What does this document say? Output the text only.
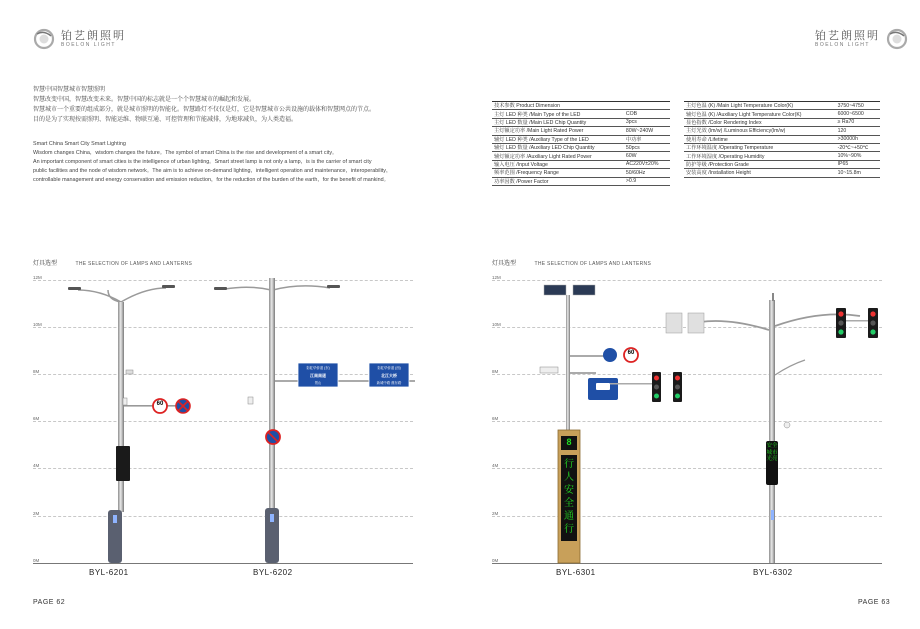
铂艺朗照明
BOELON LIGHT
铂艺朗照明
BOELON LIGHT

智慧中国智慧城市智慧照明

智慧改变中国，智慧改变未来。智慧中国的标志就是一个个智慧城市的崛起和发展。

智慧城市一个重要的组成部分，就是城市照明的智能化。智慧路灯不仅仅是灯，它是智慧城市公共设施的载体和智慧网点的节点。

目的是为了实现按需照明、智能运维、物联互通、可控管理和节能减排，为地球减负，为人类造福。

Smart China Smart City Smart Lighting

Wisdom changes China，wisdom changes the future。The symbol of smart China is the rise and development of a smart city。

An important component of smart cities is the intelligence of urban lighting。Smart street lamp is not only a lamp，is is the carrier of smart city

public facilities and the node of wisdom network。The aim is to achieve on-demand lighting，intelligent operation and maintenance，interoperability，

controllable management and energy conservation and emission reduction，for the reduction of the burden of the earth，for the benefit of mankind。

技术参数 Product Dimension	
主灯 LED 种类 /Main Type of the LED	COB
主灯 LED 数量 /Main LED Chip Quantity	3pcs
主灯额定功率 /Main Light Rated Power	80W~240W
辅灯 LED 种类 /Auxiliary Type of the LED	中功率
辅灯 LED 数量 /Auxiliary LED Chip Quantity	50pcs
辅灯额定功率 /Auxiliary Light Rated Power	60W
输入电压 /Input Voltage	AC220V±20%
频率范围 /Frequency Range	50/60Hz
功率因数 /Power Factor	>0.9
主灯色温 (K) /Main Light Temperature Color(K)	3750~4750
辅灯色温 (K) /Auxiliary Light Temperature Color(K)	6000~6500
显色指数 /Color Rendering Index	≥ Ra70
主灯光效 (lm/w) /Luminous Efficiency(lm/w)	120
使用寿命 /Lifetime	>30000h
工作环境温度 /Operating Temperature	-20℃~+50℃
工作环境湿度 /Operating Humidity	10%~90%
防护等级 /Protection Grade	IP65
安装高度 /Installation Height	10~15.8m
灯具选型	THE SELECTION OF LAMPS AND LANTERNS	灯具选型	THE SELECTION OF LAMPS AND LANTERNS
12M
10M
8M
6M
4M
2M
0M
12M
10M
8M
6M
4M
2M
0M
60
彩虹华侨道 (东)
江南南道
景山
彩虹华侨道 (西)
北江大桥
新城中路 鼎东路
60
8
行人安全通行
安全 城市 光亮
BYL-6201	BYL-6202	BYL-6301	BYL-6302
PAGE 62	PAGE 63
